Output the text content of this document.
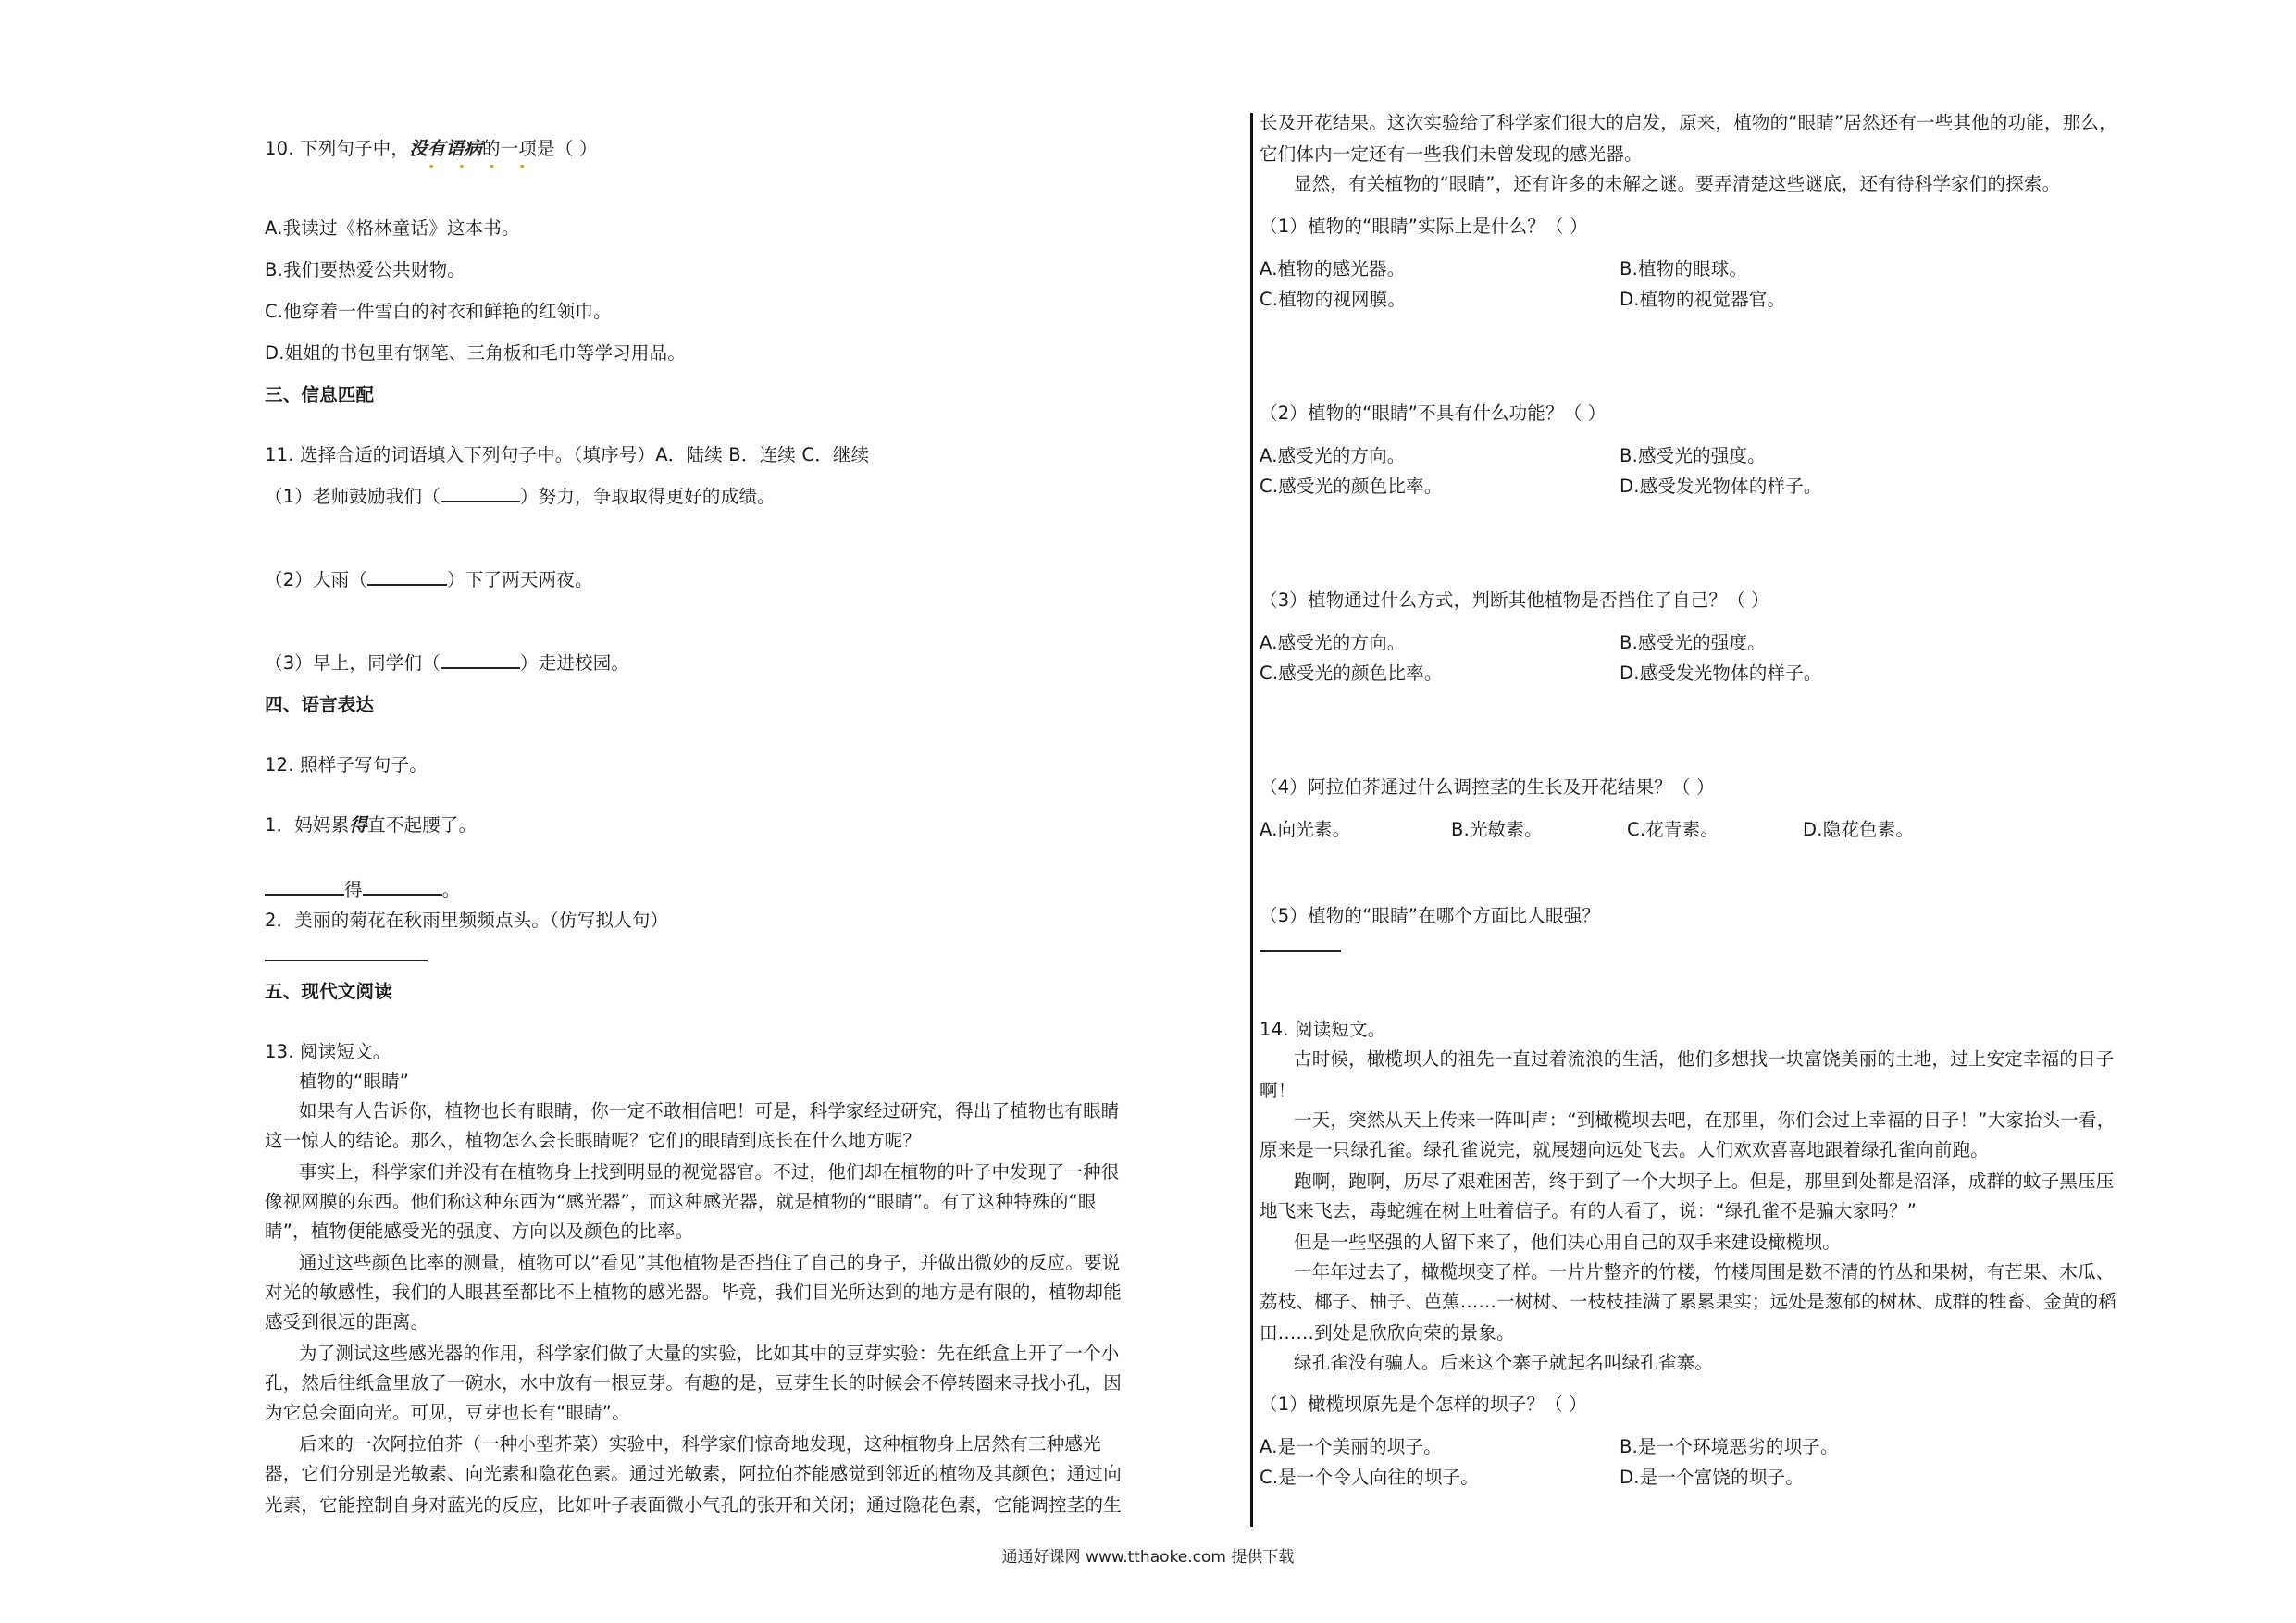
10. 下列句子中，没有语病的一项是（ ）
• • • •
A.我读过《格林童话》这本书。
B.我们要热爱公共财物。
C.他穿着一件雪白的衬衣和鲜艳的红领巾。
D.姐姐的书包里有钢笔、三角板和毛巾等学习用品。
三、信息匹配
11. 选择合适的词语填入下列句子中。（填序号）A．陆续 B．连续 C．继续
（1）老师鼓励我们（	）努力，争取取得更好的成绩。
（2）大雨（	）下了两天两夜。
（3）早上，同学们（	）走进校园。
四、语言表达
12. 照样子写句子。
1．妈妈累得直不起腰了。
得	。
2．美丽的菊花在秋雨里频频点头。（仿写拟人句）
五、现代文阅读
13. 阅读短文。
植物的“眼睛”
如果有人告诉你，植物也长有眼睛，你一定不敢相信吧！可是，科学家经过研究，得出了植物也有眼睛
这一惊人的结论。那么，植物怎么会长眼睛呢？它们的眼睛到底长在什么地方呢？
事实上，科学家们并没有在植物身上找到明显的视觉器官。不过，他们却在植物的叶子中发现了一种很
像视网膜的东西。他们称这种东西为“感光器”，而这种感光器，就是植物的“眼睛”。有了这种特殊的“眼
睛”，植物便能感受光的强度、方向以及颜色的比率。
通过这些颜色比率的测量，植物可以“看见”其他植物是否挡住了自己的身子，并做出微妙的反应。要说
对光的敏感性，我们的人眼甚至都比不上植物的感光器。毕竟，我们目光所达到的地方是有限的，植物却能
感受到很远的距离。
为了测试这些感光器的作用，科学家们做了大量的实验，比如其中的豆芽实验：先在纸盒上开了一个小
孔，然后往纸盒里放了一碗水，水中放有一根豆芽。有趣的是，豆芽生长的时候会不停转圈来寻找小孔，因
为它总会面向光。可见，豆芽也长有“眼睛”。
后来的一次阿拉伯芥（一种小型芥菜）实验中，科学家们惊奇地发现，这种植物身上居然有三种感光
器，它们分别是光敏素、向光素和隐花色素。通过光敏素，阿拉伯芥能感觉到邻近的植物及其颜色；通过向
光素，它能控制自身对蓝光的反应，比如叶子表面微小气孔的张开和关闭；通过隐花色素，它能调控茎的生
长及开花结果。这次实验给了科学家们很大的启发，原来，植物的“眼睛”居然还有一些其他的功能，那么，
它们体内一定还有一些我们未曾发现的感光器。
显然，有关植物的“眼睛”，还有许多的未解之谜。要弄清楚这些谜底，还有待科学家们的探索。
（1）植物的“眼睛”实际上是什么？（ ）
A.植物的感光器。	B.植物的眼球。
C.植物的视网膜。	D.植物的视觉器官。
（2）植物的“眼睛”不具有什么功能？（ ）
A.感受光的方向。	B.感受光的强度。
C.感受光的颜色比率。	D.感受发光物体的样子。
（3）植物通过什么方式，判断其他植物是否挡住了自己？（ ）
A.感受光的方向。	B.感受光的强度。
C.感受光的颜色比率。	D.感受发光物体的样子。
（4）阿拉伯芥通过什么调控茎的生长及开花结果？（ ）
A.向光素。	B.光敏素。	C.花青素。	D.隐花色素。
（5）植物的“眼睛”在哪个方面比人眼强？
14. 阅读短文。
古时候，橄榄坝人的祖先一直过着流浪的生活，他们多想找一块富饶美丽的土地，过上安定幸福的日子
啊！
一天，突然从天上传来一阵叫声：“到橄榄坝去吧，在那里，你们会过上幸福的日子！”大家抬头一看，
原来是一只绿孔雀。绿孔雀说完，就展翅向远处飞去。人们欢欢喜喜地跟着绿孔雀向前跑。
跑啊，跑啊，历尽了艰难困苦，终于到了一个大坝子上。但是，那里到处都是沼泽，成群的蚊子黑压压
地飞来飞去，毒蛇缠在树上吐着信子。有的人看了，说：“绿孔雀不是骗大家吗？”
但是一些坚强的人留下来了，他们决心用自己的双手来建设橄榄坝。
一年年过去了，橄榄坝变了样。一片片整齐的竹楼，竹楼周围是数不清的竹丛和果树，有芒果、木瓜、
荔枝、椰子、柚子、芭蕉……一树树、一枝枝挂满了累累果实；远处是葱郁的树林、成群的牲畜、金黄的稻
田……到处是欣欣向荣的景象。
绿孔雀没有骗人。后来这个寨子就起名叫绿孔雀寨。
（1）橄榄坝原先是个怎样的坝子？（ ）
A.是一个美丽的坝子。	B.是一个环境恶劣的坝子。
C.是一个令人向往的坝子。	D.是一个富饶的坝子。
通通好课网 www.tthaoke.com 提供下载
